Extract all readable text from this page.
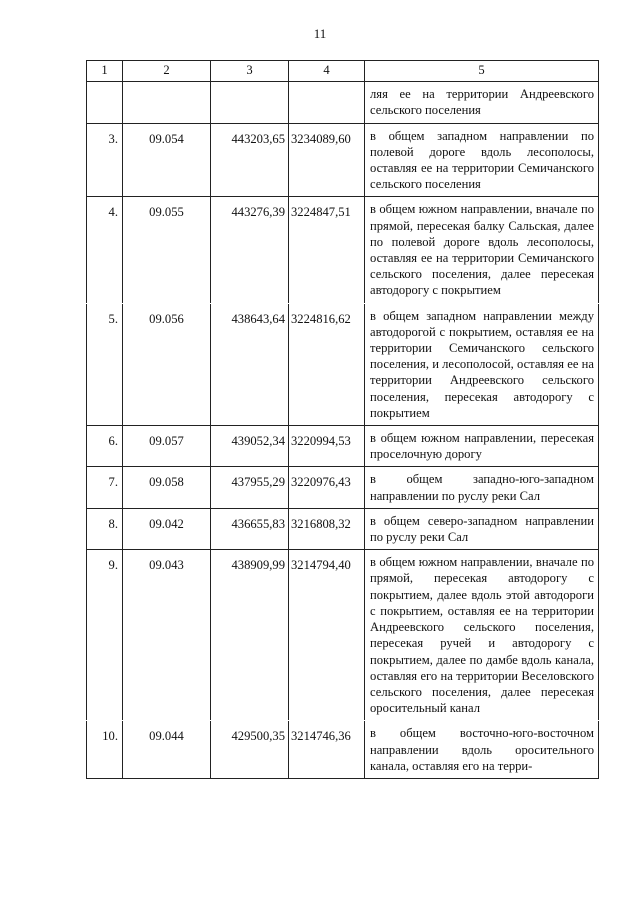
11
1	2	3	4	5
				ляя ее на территории Андреевского сельского поселения
3.	09.054	443203,65	3234089,60	в общем западном направлении по полевой дороге вдоль лесополосы, оставляя ее на территории Семичанского сельского поселения
4.	09.055	443276,39	3224847,51	в общем южном направлении, вначале по прямой, пересекая балку Сальская, далее по полевой дороге вдоль лесополосы, оставляя ее на территории Семичанского сельского поселения, далее пересекая автодорогу с покрытием
5.	09.056	438643,64	3224816,62	в общем западном направлении между автодорогой с покрытием, оставляя ее на территории Семичанского сельского поселения, и лесополосой, оставляя ее на территории Андреевского сельского поселения, пересекая автодорогу с покрытием
6.	09.057	439052,34	3220994,53	в общем южном направлении, пересекая проселочную дорогу
7.	09.058	437955,29	3220976,43	в общем западно-юго-западном направлении по руслу реки Сал
8.	09.042	436655,83	3216808,32	в общем северо-западном направлении по руслу реки Сал
9.	09.043	438909,99	3214794,40	в общем южном направлении, вначале по прямой, пересекая автодорогу с покрытием, далее вдоль этой автодороги с покрытием, оставляя ее на территории Андреевского сельского поселения, пересекая ручей и автодорогу с покрытием, далее по дамбе вдоль канала, оставляя его на территории Веселовского сельского поселения, далее пересекая оросительный канал
10.	09.044	429500,35	3214746,36	в общем восточно-юго-восточном направлении вдоль оросительного канала, оставляя его на терри-
